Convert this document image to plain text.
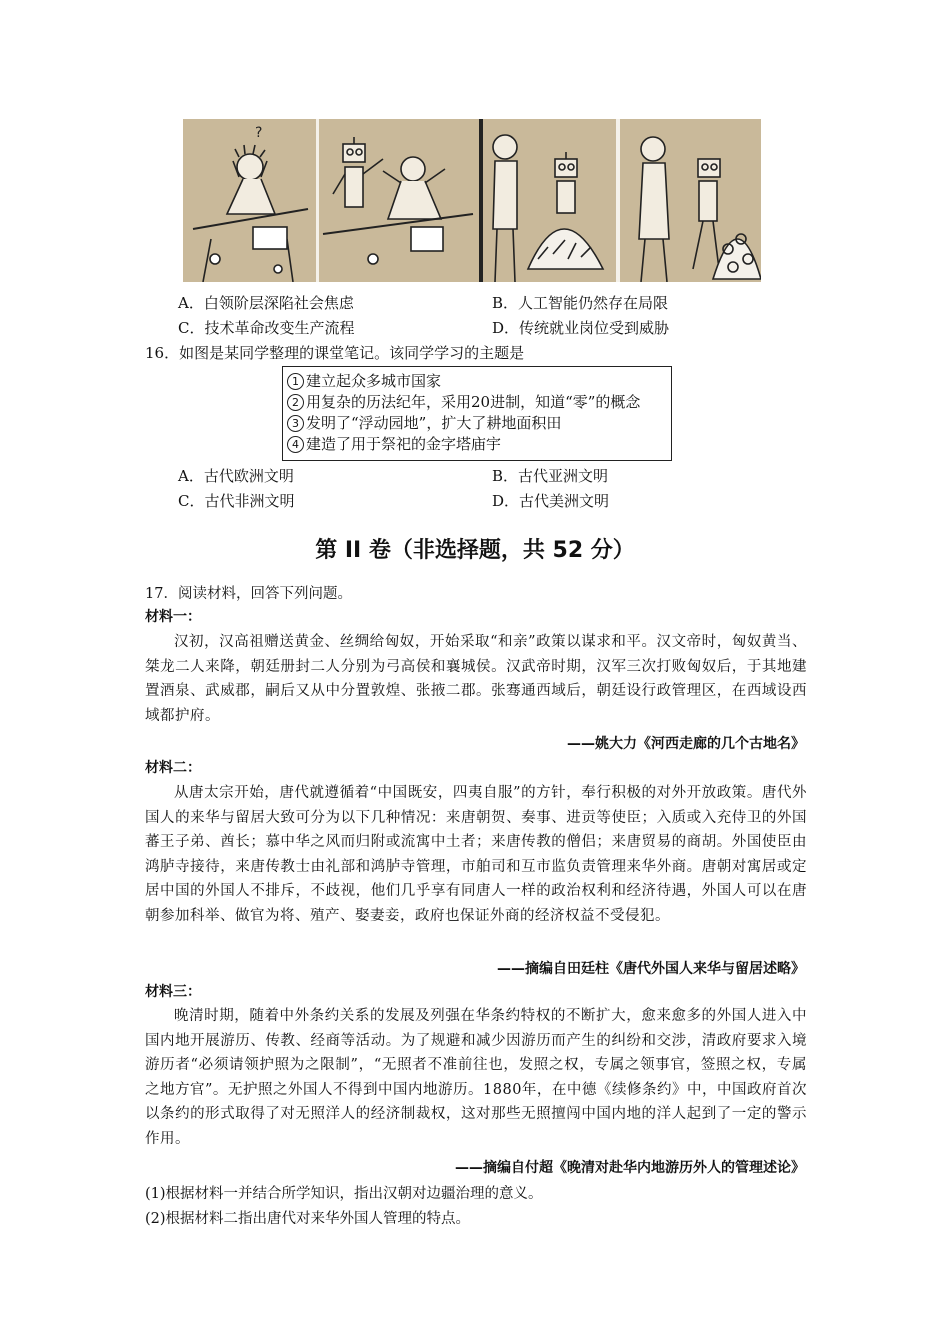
?
A．白领阶层深陷社会焦虑	B．人工智能仍然存在局限
C．技术革命改变生产流程	D．传统就业岗位受到威胁
16．如图是某同学整理的课堂笔记。该同学学习的主题是
1 建立起众多城市国家
2 用复杂的历法纪年，采用20进制，知道“零”的概念
3 发明了“浮动园地”，扩大了耕地面积田
4 建造了用于祭祀的金字塔庙宇
A．古代欧洲文明	B．古代亚洲文明
C．古代非洲文明	D．古代美洲文明
第 II 卷（非选择题，共 52 分）
17．阅读材料，回答下列问题。
材料一：
汉初，汉高祖赠送黄金、丝绸给匈奴，开始采取“和亲”政策以谋求和平。汉文帝时，匈奴黄当、桀龙二人来降，朝廷册封二人分别为弓高侯和襄城侯。汉武帝时期，汉军三次打败匈奴后，于其地建置酒泉、武威郡，嗣后又从中分置敦煌、张掖二郡。张骞通西域后，朝廷设行政管理区，在西域设西域都护府。
——姚大力《河西走廊的几个古地名》
材料二：
从唐太宗开始，唐代就遵循着“中国既安，四夷自服”的方针，奉行积极的对外开放政策。唐代外国人的来华与留居大致可分为以下几种情况：来唐朝贺、奏事、进贡等使臣；入质或入充侍卫的外国蕃王子弟、酋长；慕中华之风而归附或流寓中土者；来唐传教的僧侣；来唐贸易的商胡。外国使臣由鸿胪寺接待，来唐传教士由礼部和鸿胪寺管理，市舶司和互市监负责管理来华外商。唐朝对寓居或定居中国的外国人不排斥，不歧视，他们几乎享有同唐人一样的政治权利和经济待遇，外国人可以在唐朝参加科举、做官为将、殖产、娶妻妾，政府也保证外商的经济权益不受侵犯。
——摘编自田廷柱《唐代外国人来华与留居述略》
材料三：
晚清时期，随着中外条约关系的发展及列强在华条约特权的不断扩大，愈来愈多的外国人进入中国内地开展游历、传教、经商等活动。为了规避和减少因游历而产生的纠纷和交涉，清政府要求入境游历者“必须请领护照为之限制”，“无照者不准前往也，发照之权，专属之领事官，签照之权，专属之地方官”。无护照之外国人不得到中国内地游历。1880年，在中德《续修条约》中，中国政府首次以条约的形式取得了对无照洋人的经济制裁权，这对那些无照擅闯中国内地的洋人起到了一定的警示作用。
——摘编自付超《晚清对赴华内地游历外人的管理述论》
(1)根据材料一并结合所学知识，指出汉朝对边疆治理的意义。
(2)根据材料二指出唐代对来华外国人管理的特点。
